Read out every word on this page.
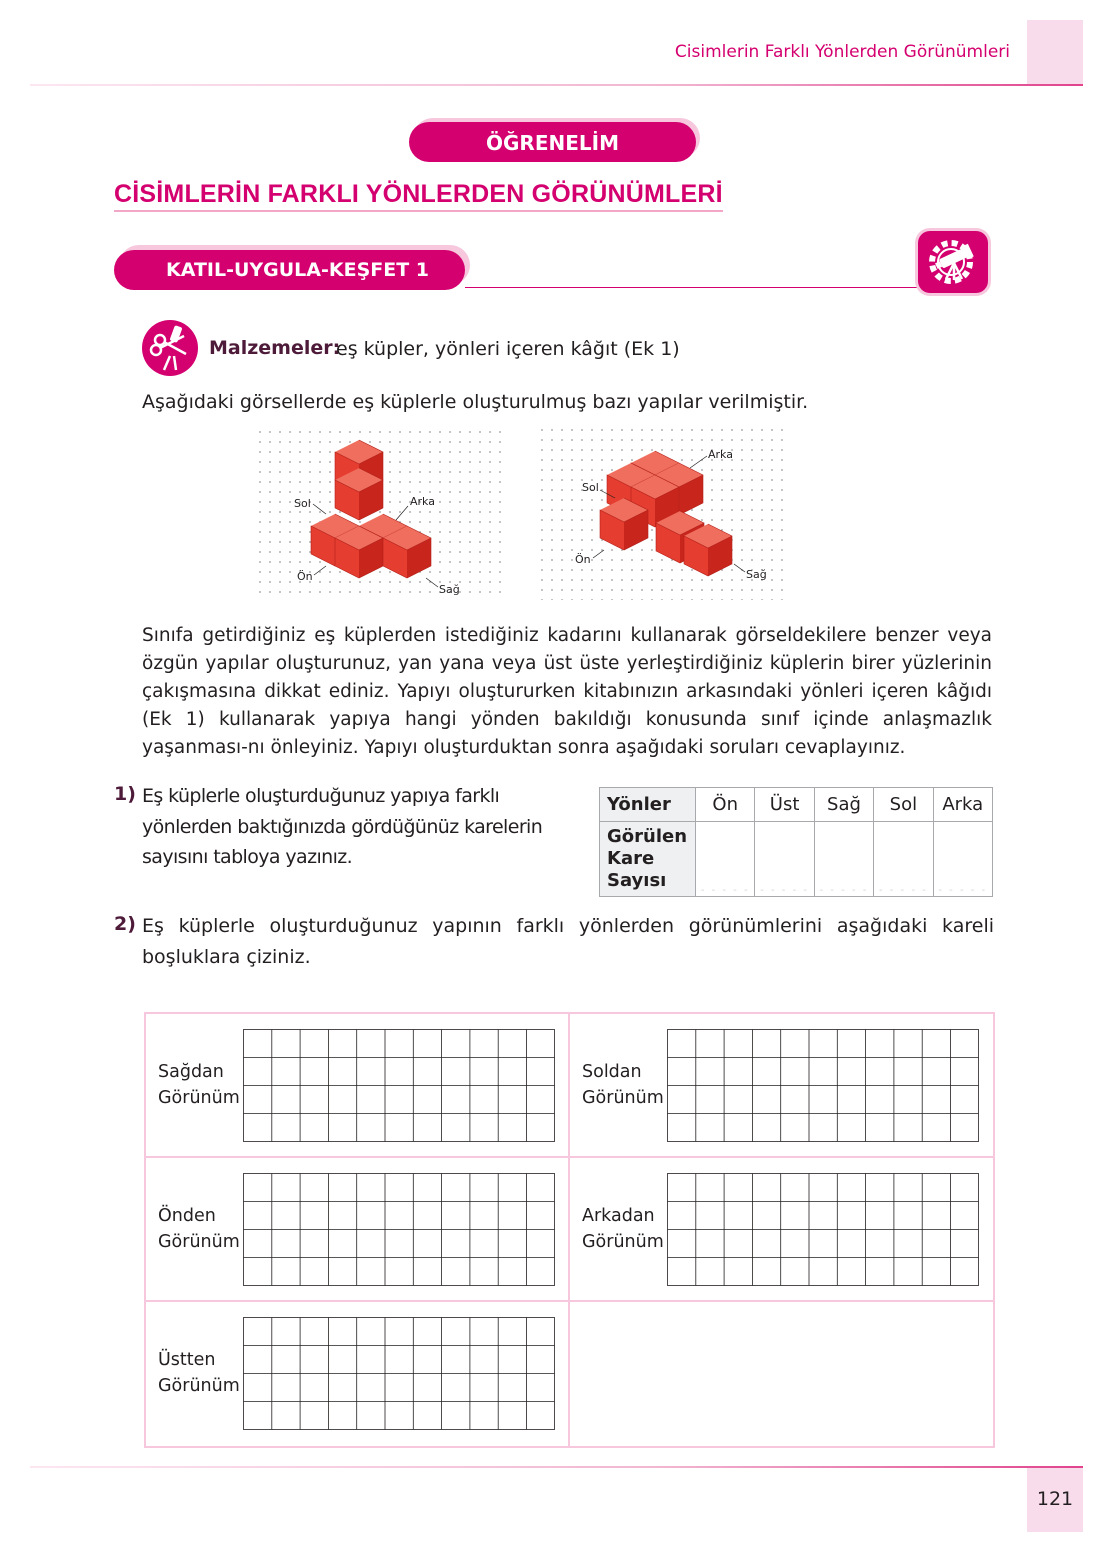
Cisimlerin Farklı Yönlerden Görünümleri
ÖĞRENELİM
CİSİMLERİN FARKLI YÖNLERDEN GÖRÜNÜMLERİ
KATIL-UYGULA-KEŞFET 1
Malzemeler:
eş küpler, yönleri içeren kâğıt (Ek 1)
Aşağıdaki görsellerde eş küplerle oluşturulmuş bazı yapılar verilmiştir.
Sol	Arka
Ön
Sağ
Arka
Sol
Ön
Sağ
Sınıfa getirdiğiniz eş küplerden istediğiniz kadarını kullanarak görseldekilere benzer veya özgün yapılar oluşturunuz, yan yana veya üst üste yerleştirdiğiniz küplerin birer yüzlerinin çakışmasına dikkat ediniz. Yapıyı oluştururken kitabınızın arkasındaki yönleri içeren kâğıdı (Ek 1) kullanarak yapıya hangi yönden bakıldığı konusunda sınıf içinde anlaşmazlık yaşanması-nı önleyiniz. Yapıyı oluşturduktan sonra aşağıdaki soruları cevaplayınız.
1) Eş küplerle oluşturduğunuz yapıya farklı yönlerden baktığınızda gördüğünüz karelerin sayısını tabloya yazınız.
Yönler	Ön	Üst	Sağ	Sol	Arka
Görülen
Kare
Sayısı	- - - - -	- - - - -	- - - - -	- - - - -	- - - - -
2) Eş küplerle oluşturduğunuz yapının farklı yönlerden görünümlerini aşağıdaki kareli boşluklara çiziniz.
Sağdan
Görünüm
Soldan
Görünüm
Önden
Görünüm
Arkadan
Görünüm
Üstten
Görünüm
121
